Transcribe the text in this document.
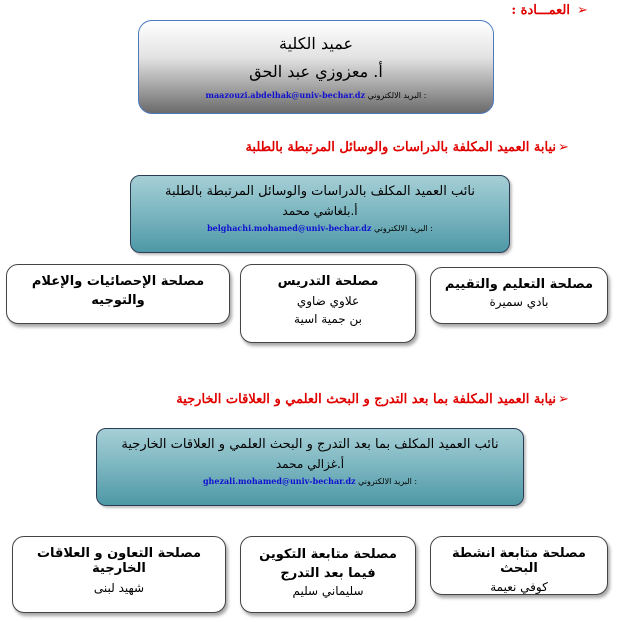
العمـــادة : ➢
عميد الكلية
أ. معزوزي عبد الحق
maazouzi.abdelhak@univ-bechar.dz البريد الالكتروني :
نيابة العميد المكلفة بالدراسات والوسائل المرتبطة بالطلبة ➢
نائب العميد المكلف بالدراسات والوسائل المرتبطة بالطلبة
أ.بلغاشي محمد
belghachi.mohamed@univ-bechar.dz البريد الالكتروني :
مصلحة التعليم والتقييم
بادي سميرة
مصلحة التدريس
علاوي ضاوي
بن جمية اسية
مصلحة الإحصائيات والإعلام والتوجيه
نيابة العميد المكلفة بما بعد التدرج و البحث العلمي و العلاقات الخارجية ➢
نائب العميد المكلف بما بعد التدرج و البحث العلمي و العلاقات الخارجية
أ.غزالي محمد
ghezali.mohamed@univ-bechar.dz البريد الالكتروني :
مصلحة متابعة انشطة البحث
كوفي نعيمة
مصلحة متابعة التكوين فيما بعد التدرج
سليماني سليم
مصلحة التعاون و العلاقات الخارجية
شهيد لبنى
